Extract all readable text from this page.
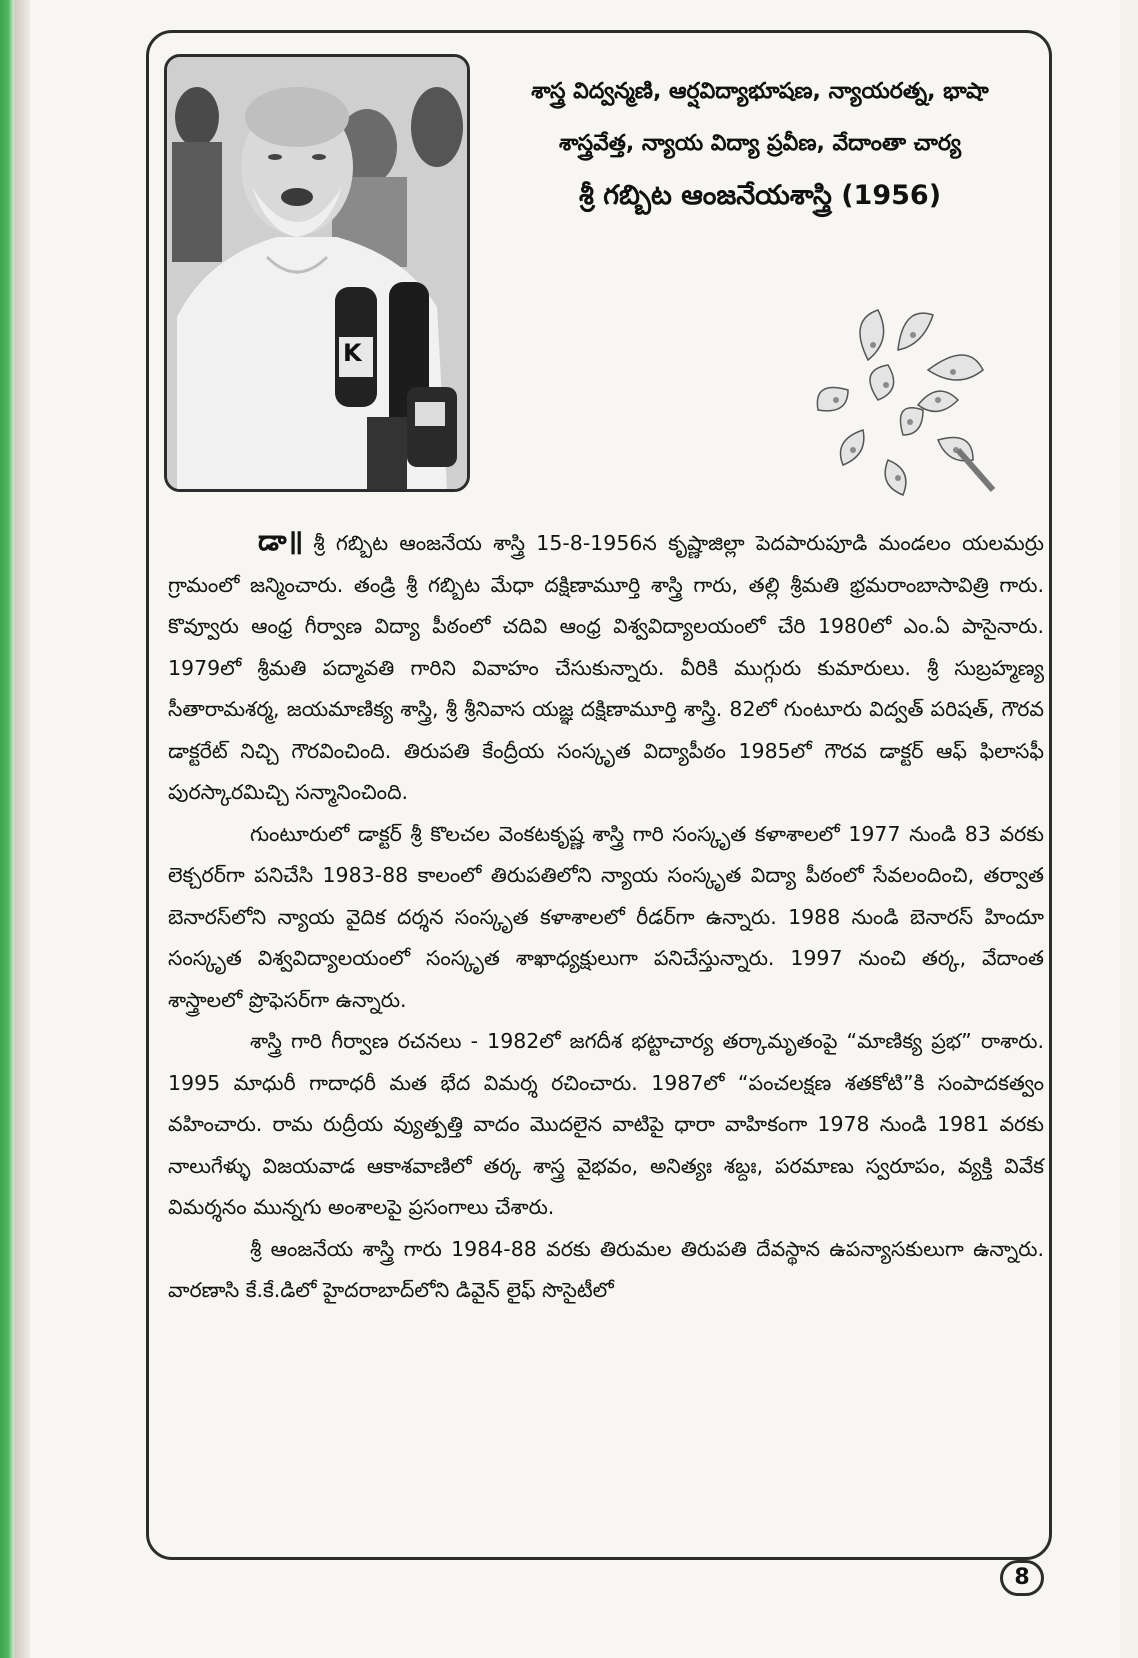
K
శాస్త్ర విద్వన్మణి, ఆర్షవిద్యాభూషణ, న్యాయరత్న, భాషా
శాస్త్రవేత్త, న్యాయ విద్యా ప్రవీణ, వేదాంతా చార్య
శ్రీ గబ్బిట ఆంజనేయశాస్త్రి (1956)

డా॥ శ్రీ గబ్బిట ఆంజనేయ శాస్త్రి 15-8-1956న కృష్ణాజిల్లా పెదపారుపూడి మండలం యలమర్రు గ్రామంలో జన్మించారు. తండ్రి శ్రీ గబ్బిట మేధా దక్షిణామూర్తి శాస్త్రి గారు, తల్లి శ్రీమతి భ్రమరాంబాసావిత్రి గారు. కొవ్వూరు ఆంధ్ర గీర్వాణ విద్యా పీఠంలో చదివి ఆంధ్ర విశ్వవిద్యాలయంలో చేరి 1980లో ఎం.ఏ పాసైనారు. 1979లో శ్రీమతి పద్మావతి గారిని వివాహం చేసుకున్నారు. వీరికి ముగ్గురు కుమారులు. శ్రీ సుబ్రహ్మణ్య సీతారామశర్మ, జయమాణిక్య శాస్త్రి, శ్రీ శ్రీనివాస యజ్ఞ దక్షిణామూర్తి శాస్త్రి. 82లో గుంటూరు విద్వత్ పరిషత్, గౌరవ డాక్టరేట్ నిచ్చి గౌరవించింది. తిరుపతి కేంద్రీయ సంస్కృత విద్యాపీఠం 1985లో గౌరవ డాక్టర్ ఆఫ్ ఫిలాసఫీ పురస్కారమిచ్చి సన్మానించింది.

గుంటూరులో డాక్టర్ శ్రీ కొలచల వెంకటకృష్ణ శాస్త్రి గారి సంస్కృత కళాశాలలో 1977 నుండి 83 వరకు లెక్చరర్‌గా పనిచేసి 1983-88 కాలంలో తిరుపతిలోని న్యాయ సంస్కృత విద్యా పీఠంలో సేవలందించి, తర్వాత బెనారస్‌లోని న్యాయ వైదిక దర్శన సంస్కృత కళాశాలలో రీడర్‌గా ఉన్నారు. 1988 నుండి బెనారస్ హిందూ సంస్కృత విశ్వవిద్యాలయంలో సంస్కృత శాఖాధ్యక్షులుగా పనిచేస్తున్నారు. 1997 నుంచి తర్క, వేదాంత శాస్త్రాలలో ప్రొఫెసర్‌గా ఉన్నారు.

శాస్త్రి గారి గీర్వాణ రచనలు - 1982లో జగదీశ భట్టాచార్య తర్కామృతంపై “మాణిక్య ప్రభ” రాశారు. 1995 మాధురీ గాదాధరీ మత భేద విమర్శ రచించారు. 1987లో “పంచలక్షణ శతకోటి”కి సంపాదకత్వం వహించారు. రామ రుద్రీయ వ్యుత్పత్తి వాదం మొదలైన వాటిపై ధారా వాహికంగా 1978 నుండి 1981 వరకు నాలుగేళ్ళు విజయవాడ ఆకాశవాణిలో తర్క శాస్త్ర వైభవం, అనిత్యః శబ్దః, పరమాణు స్వరూపం, వ్యక్తి వివేక విమర్శనం మున్నగు అంశాలపై ప్రసంగాలు చేశారు.

శ్రీ ఆంజనేయ శాస్త్రి గారు 1984-88 వరకు తిరుమల తిరుపతి దేవస్థాన ఉపన్యాసకులుగా ఉన్నారు. వారణాసి కే.కే.డిలో హైదరాబాద్‌లోని డివైన్ లైఫ్ సొసైటీలో

8
